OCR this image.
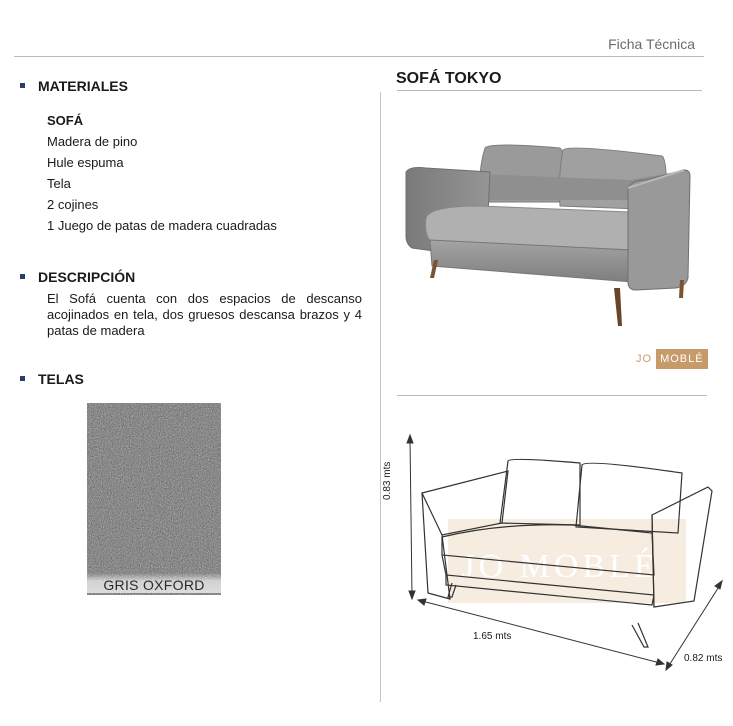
Ficha Técnica
MATERIALES
SOFÁ
Madera de pino
Hule espuma
Tela
2 cojines
1 Juego de patas de madera cuadradas
DESCRIPCIÓN
El Sofá cuenta con dos espacios de descanso acojinados en tela, dos gruesos descansa brazos y 4 patas de madera
TELAS
GRIS OXFORD
SOFÁ TOKYO
JO MOBLÉ
JO MOBLÉ
0.83 mts
1.65 mts
0.82 mts
